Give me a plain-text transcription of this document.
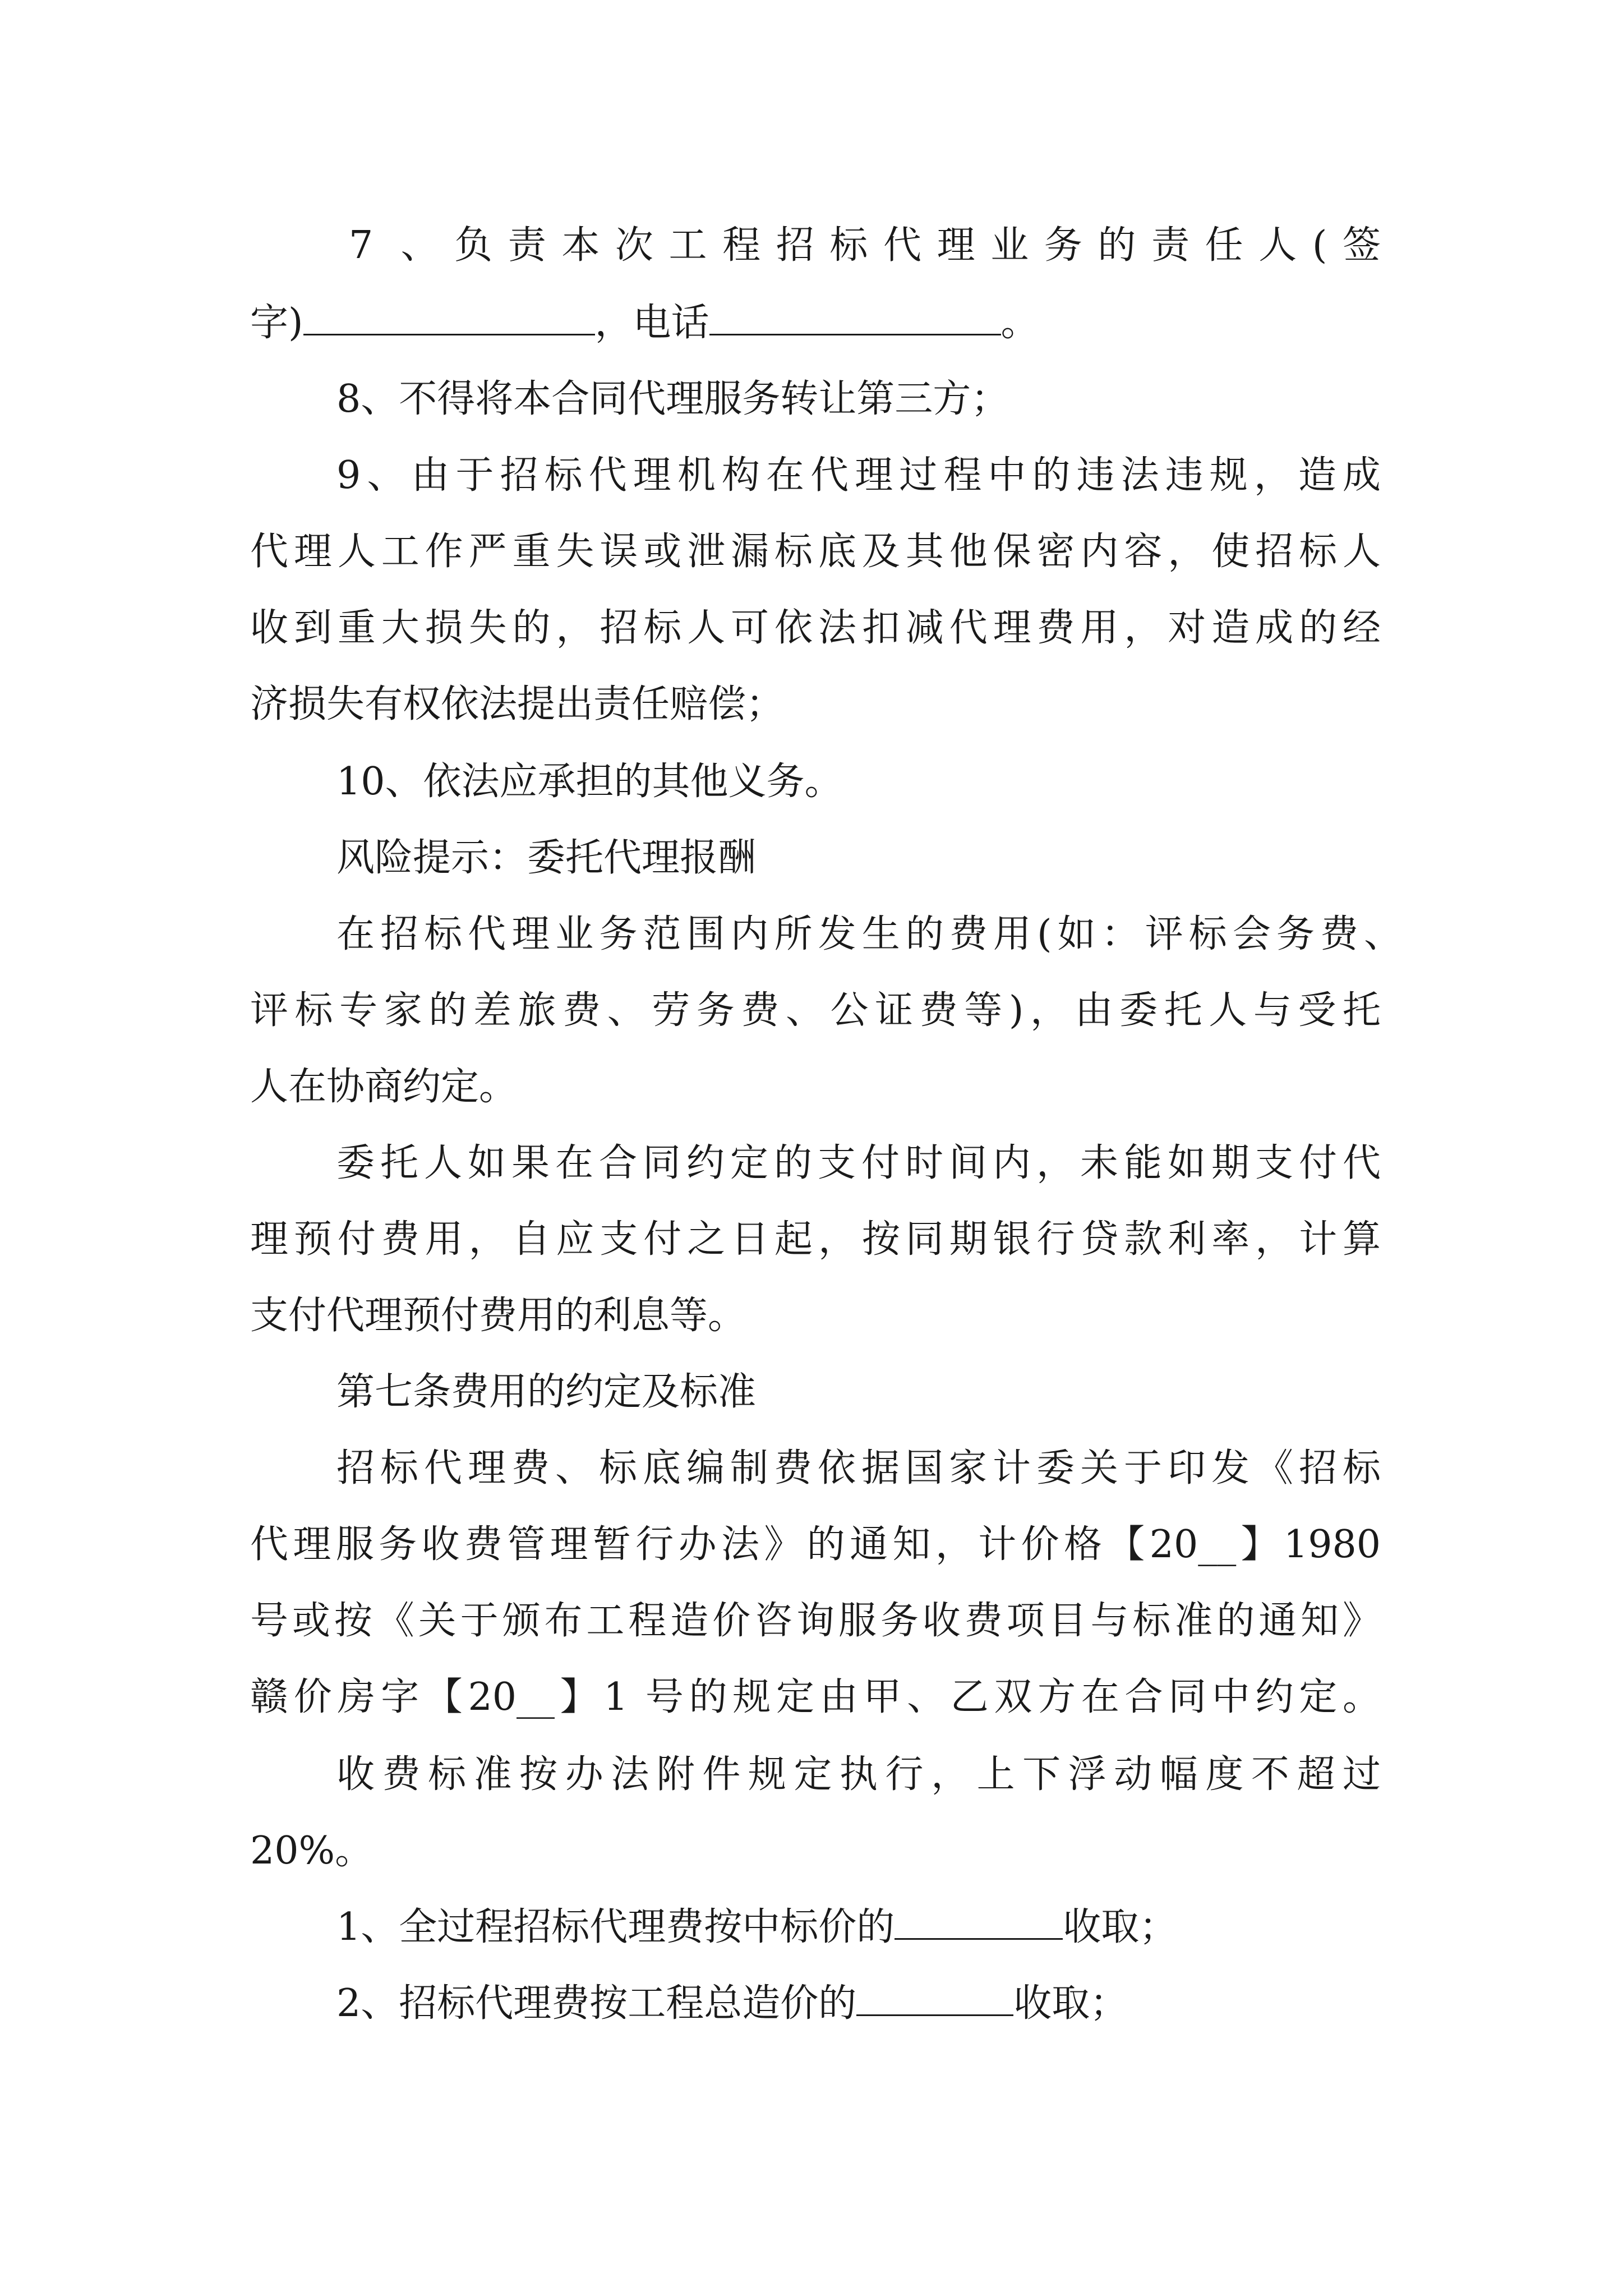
7 、负责本次工程招标代理业务的责任人(签
字)	，电话	。
8、不得将本合同代理服务转让第三方；
9、由于招标代理机构在代理过程中的违法违规，造成
代理人工作严重失误或泄漏标底及其他保密内容，使招标人
收到重大损失的，招标人可依法扣减代理费用，对造成的经
济损失有权依法提出责任赔偿；
10、依法应承担的其他义务。
风险提示：委托代理报酬
在招标代理业务范围内所发生的费用(如：评标会务费、
评标专家的差旅费、劳务费、公证费等)，由委托人与受托
人在协商约定。
委托人如果在合同约定的支付时间内，未能如期支付代
理预付费用，自应支付之日起，按同期银行贷款利率，计算
支付代理预付费用的利息等。
第七条费用的约定及标准
招标代理费、标底编制费依据国家计委关于印发《招标
代理服务收费管理暂行办法》的通知，计价格【20__】1980
号或按《关于颁布工程造价咨询服务收费项目与标准的通知》
赣价房字【20__】1 号的规定由甲、乙双方在合同中约定。
收费标准按办法附件规定执行，上下浮动幅度不超过
20%。
1、全过程招标代理费按中标价的	收取；
2、招标代理费按工程总造价的	收取；
